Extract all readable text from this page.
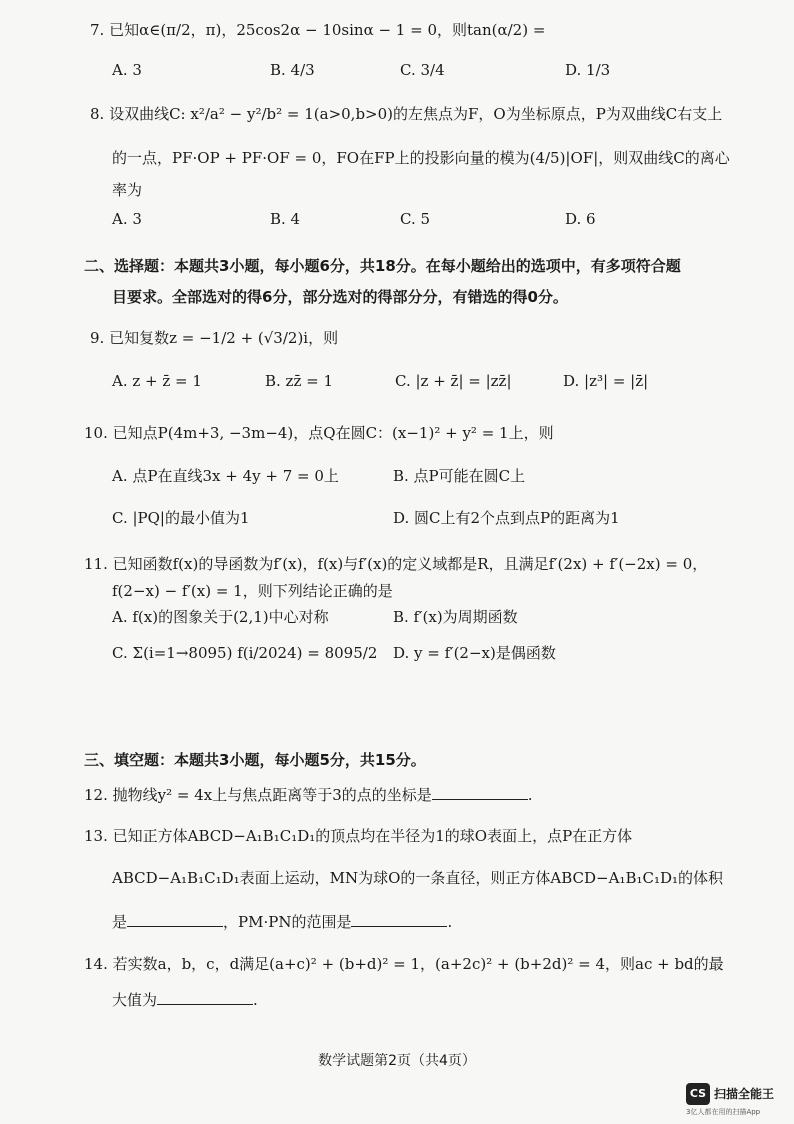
7. 已知α∈(π/2，π)，25cos2α − 10sinα − 1 = 0，则tan(α/2) =
A. 3	B. 4/3	C. 3/4	D. 1/3
8. 设双曲线C: x²/a² − y²/b² = 1(a>0,b>0)的左焦点为F，O为坐标原点，P为双曲线C右支上
的一点，PF·OP + PF·OF = 0，FO在FP上的投影向量的模为(4/5)|OF|，则双曲线C的离心
率为
A. 3	B. 4	C. 5	D. 6
二、选择题：本题共3小题，每小题6分，共18分。在每小题给出的选项中，有多项符合题
目要求。全部选对的得6分，部分选对的得部分分，有错选的得0分。
9. 已知复数z = −1/2 + (√3/2)i，则
A. z + z̄ = 1	B. zz̄ = 1	C. |z + z̄| = |zz̄|	D. |z³| = |z̄|
10. 已知点P(4m+3, −3m−4)，点Q在圆C：(x−1)² + y² = 1上，则
A. 点P在直线3x + 4y + 7 = 0上	B. 点P可能在圆C上
C. |PQ|的最小值为1	D. 圆C上有2个点到点P的距离为1
11. 已知函数f(x)的导函数为f′(x)，f(x)与f′(x)的定义域都是R，且满足f′(2x) + f′(−2x) = 0，
f(2−x) − f′(x) = 1，则下列结论正确的是
A. f(x)的图象关于(2,1)中心对称	B. f′(x)为周期函数
C. Σ(i=1→8095) f(i/2024) = 8095/2 D. y = f′(2−x)是偶函数
三、填空题：本题共3小题，每小题5分，共15分。
12. 抛物线y² = 4x上与焦点距离等于3的点的坐标是	.
13. 已知正方体ABCD−A₁B₁C₁D₁的顶点均在半径为1的球O表面上，点P在正方体
ABCD−A₁B₁C₁D₁表面上运动，MN为球O的一条直径，则正方体ABCD−A₁B₁C₁D₁的体积
是	，PM·PN的范围是	.
14. 若实数a，b，c，d满足(a+c)² + (b+d)² = 1，(a+2c)² + (b+2d)² = 4，则ac + bd的最
大值为	.
数学试题第2页（共4页）
CS 扫描全能王
3亿人都在用的扫描App
